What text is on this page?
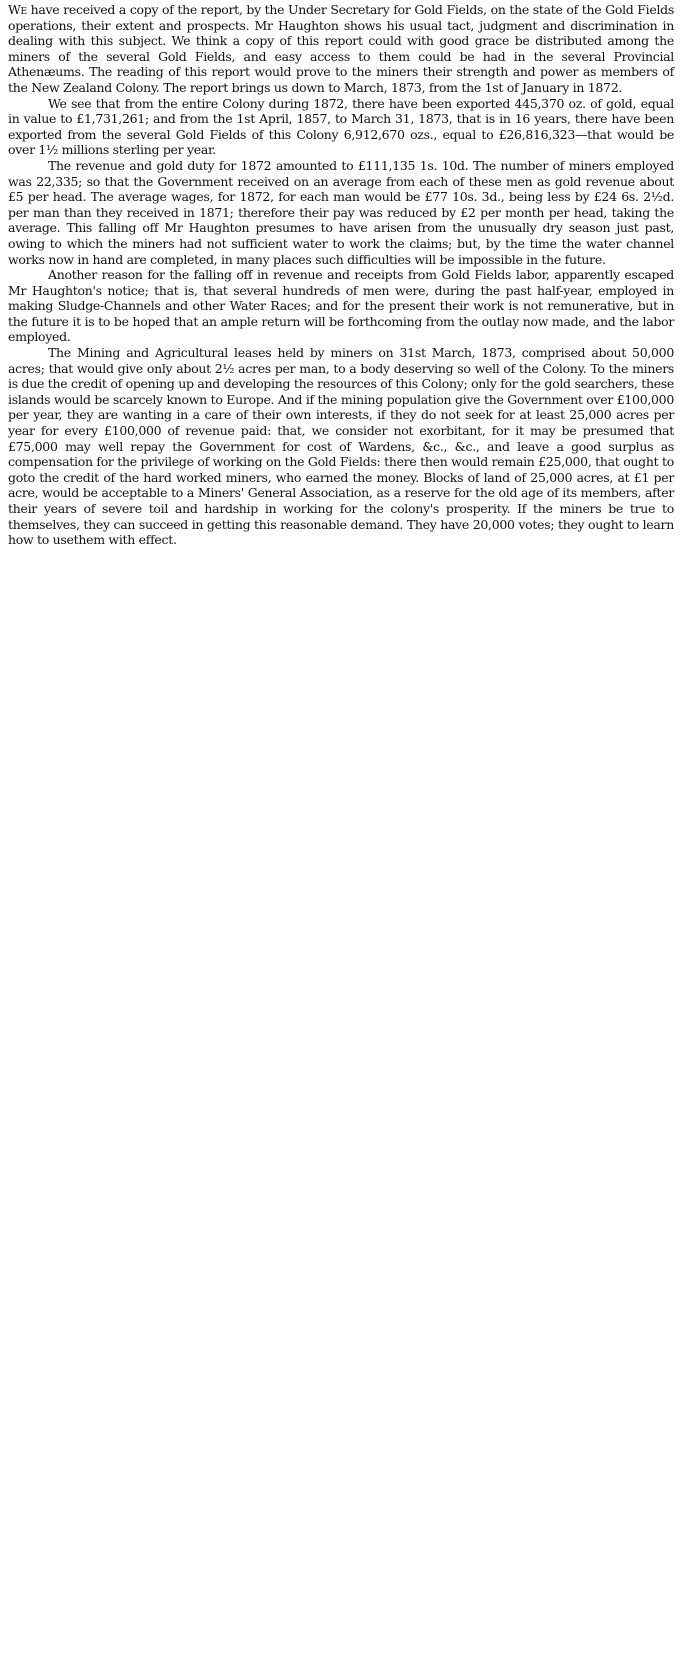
We have received a copy of the report, by the Under Secretary for Gold Fields, on the state of the Gold Fields operations, their extent and prospects. Mr Haughton shows his usual tact, judgment and discrimination in dealing with this subject. We think a copy of this report could with good grace be distributed among the miners of the several Gold Fields, and easy access to them could be had in the several Provincial Athenæums. The reading of this report would prove to the miners their strength and power as members of the New Zealand Colony. The report brings us down to March, 1873, from the 1st of January in 1872.

We see that from the entire Colony during 1872, there have been exported 445,370 oz. of gold, equal in value to £1,731,261; and from the 1st April, 1857, to March 31, 1873, that is in 16 years, there have been exported from the several Gold Fields of this Colony 6,912,670 ozs., equal to £26,816,323—that would be over 1½ millions sterling per year.

The revenue and gold duty for 1872 amounted to £111,135 1s. 10d. The number of miners employed was 22,335; so that the Government received on an average from each of these men as gold revenue about £5 per head. The average wages, for 1872, for each man would be £77 10s. 3d., being less by £24 6s. 2½d. per man than they received in 1871; therefore their pay was reduced by £2 per month per head, taking the average. This falling off Mr Haughton presumes to have arisen from the unusually dry season just past, owing to which the miners had not sufficient water to work the claims; but, by the time the water channel works now in hand are completed, in many places such difficulties will be impossible in the future.

Another reason for the falling off in revenue and receipts from Gold Fields labor, apparently escaped Mr Haughton's notice; that is, that several hundreds of men were, during the past half-year, employed in making Sludge-Channels and other Water Races; and for the present their work is not remunerative, but in the future it is to be hoped that an ample return will be forthcoming from the outlay now made, and the labor employed.

The Mining and Agricultural leases held by miners on 31st March, 1873, comprised about 50,000 acres; that would give only about 2½ acres per man, to a body deserving so well of the Colony. To the miners is due the credit of opening up and developing the resources of this Colony; only for the gold searchers, these islands would be scarcely known to Europe. And if the mining population give the Government over £100,000 per year, they are wanting in a care of their own interests, if they do not seek for at least 25,000 acres per year for every £100,000 of revenue paid: that, we consider not exorbitant, for it may be presumed that £75,000 may well repay the Government for cost of Wardens, &c., &c., and leave a good surplus as compensation for the privilege of working on the Gold Fields: there then would remain £25,000, that ought to goto the credit of the hard worked miners, who earned the money. Blocks of land of 25,000 acres, at £1 per acre, would be acceptable to a Miners' General Association, as a reserve for the old age of its members, after their years of severe toil and hardship in working for the colony's prosperity. If the miners be true to themselves, they can succeed in getting this reasonable demand. They have 20,000 votes; they ought to learn how to usethem with effect.
